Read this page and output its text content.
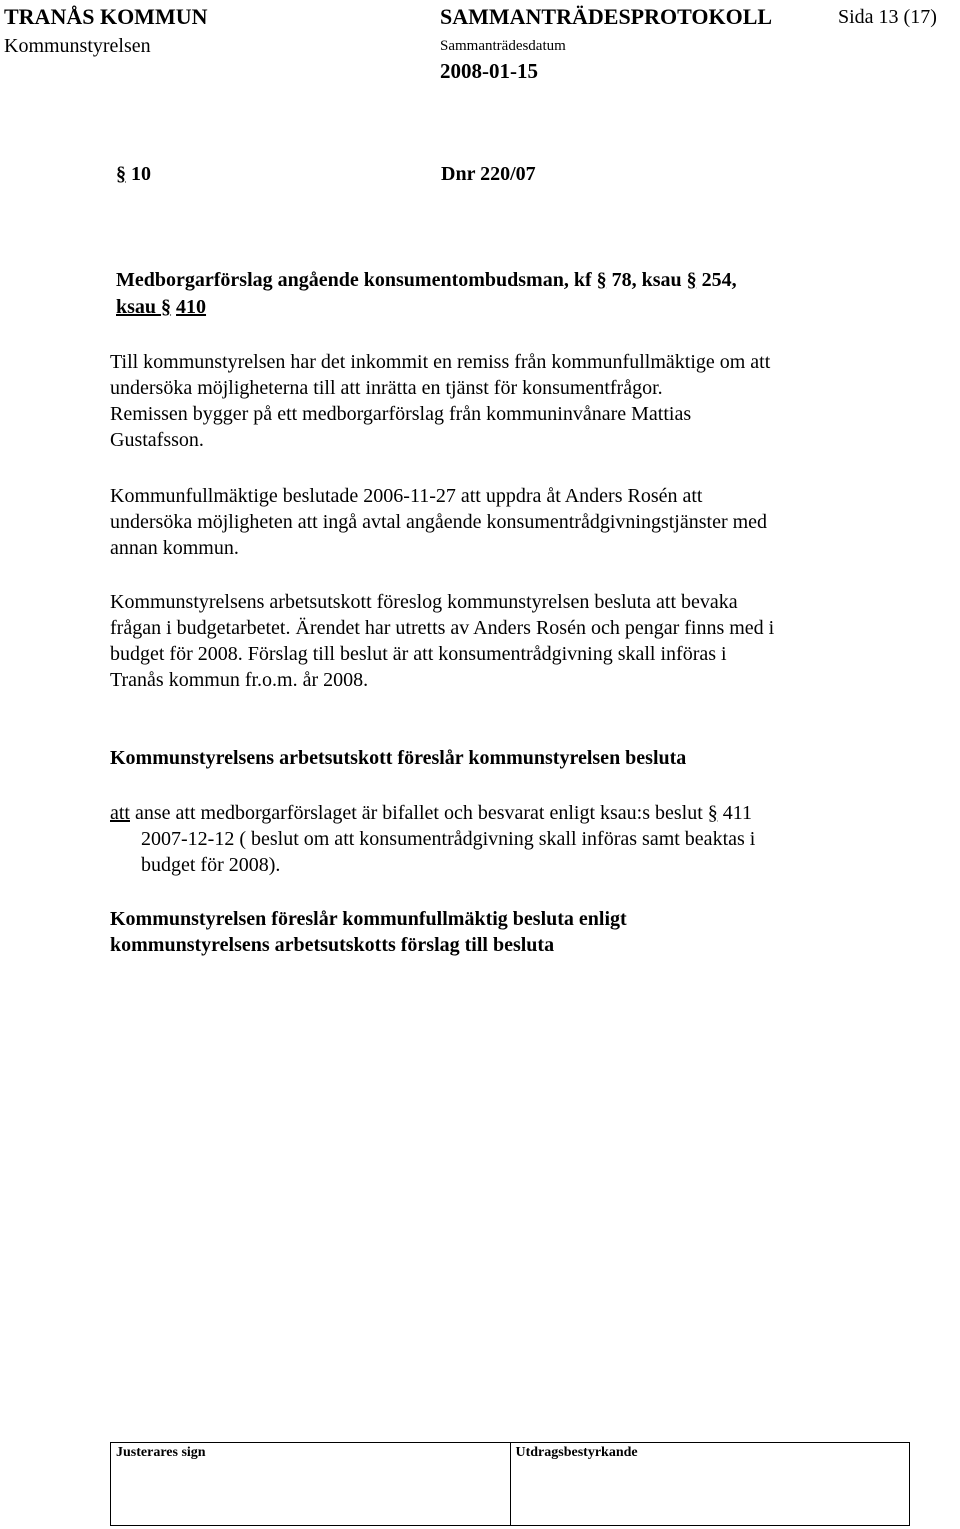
TRANÅS KOMMUN
Kommunstyrelsen
SAMMANTRÄDESPROTOKOLL
Sammanträdesdatum
2008-01-15
Sida 13 (17)
§ 10	Dnr 220/07
Medborgarförslag angående konsumentombudsman, kf § 78, ksau § 254,
ksau § 410
Till kommunstyrelsen har det inkommit en remiss från kommunfullmäktige om att
undersöka möjligheterna till att inrätta en tjänst för konsumentfrågor.
Remissen bygger på ett medborgarförslag från kommuninvånare Mattias
Gustafsson.
Kommunfullmäktige beslutade 2006-11-27 att uppdra åt Anders Rosén att
undersöka möjligheten att ingå avtal angående konsumentrådgivningstjänster med
annan kommun.
Kommunstyrelsens arbetsutskott föreslog kommunstyrelsen besluta att bevaka
frågan i budgetarbetet. Ärendet har utretts av Anders Rosén och pengar finns med i
budget för 2008. Förslag till beslut är att konsumentrådgivning skall införas i
Tranås kommun fr.o.m. år 2008.
Kommunstyrelsens arbetsutskott föreslår kommunstyrelsen besluta
att anse att medborgarförslaget är bifallet och besvarat enligt ksau:s beslut § 411
2007-12-12 ( beslut om att konsumentrådgivning skall införas samt beaktas i
budget för 2008).
Kommunstyrelsen föreslår kommunfullmäktig besluta enligt
kommunstyrelsens arbetsutskotts förslag till besluta
Justerares sign	Utdragsbestyrkande
